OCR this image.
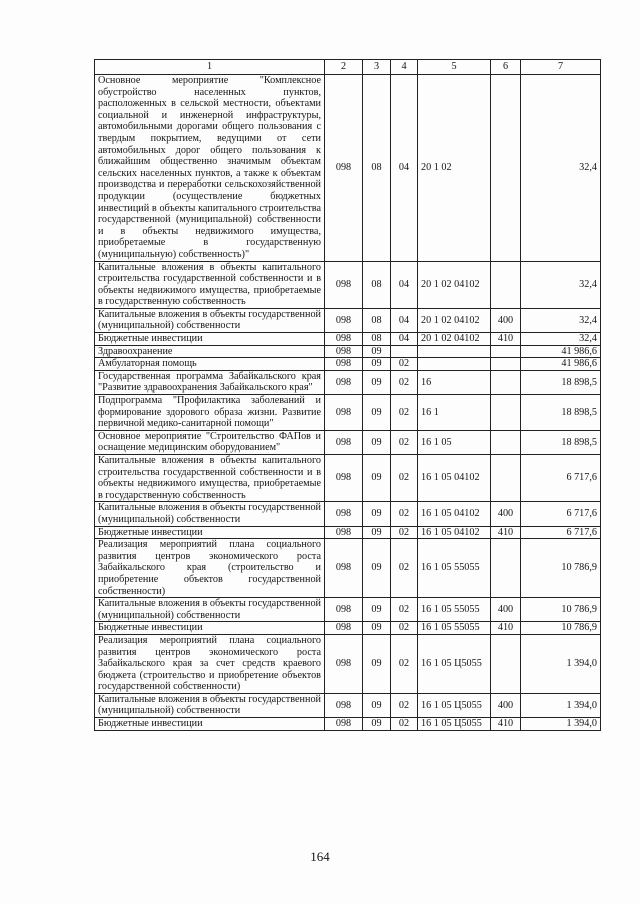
1	2	3	4	5	6	7
Основное мероприятие "Комплексное обустройство населенных пунктов, расположенных в сельской местности, объектами социальной и инженерной инфраструктуры, автомобильными дорогами общего пользования с твердым покрытием, ведущими от сети автомобильных дорог общего пользования к ближайшим общественно значимым объектам сельских населенных пунктов, а также к объектам производства и переработки сельскохозяйственной продукции (осуществление бюджетных инвестиций в объекты капитального строительства государственной (муниципальной) собственности и в объекты недвижимого имущества, приобретаемые в государственную (муниципальную) собственность)"	098	08	04	20 1 02		32,4
Капитальные вложения в объекты капитального строительства государственной собственности и в объекты недвижимого имущества, приобретаемые в государственную собственность	098	08	04	20 1 02 04102		32,4
Капитальные вложения в объекты государственной (муниципальной) собственности	098	08	04	20 1 02 04102	400	32,4
Бюджетные инвестиции	098	08	04	20 1 02 04102	410	32,4
Здравоохранение	098	09				41 986,6
Амбулаторная помощь	098	09	02			41 986,6
Государственная программа Забайкальского края "Развитие здравоохранения Забайкальского края"	098	09	02	16		18 898,5
Подпрограмма "Профилактика заболеваний и формирование здорового образа жизни. Развитие первичной медико-санитарной помощи"	098	09	02	16 1		18 898,5
Основное мероприятие "Строительство ФАПов и оснащение медицинским оборудованием"	098	09	02	16 1 05		18 898,5
Капитальные вложения в объекты капитального строительства государственной собственности и в объекты недвижимого имущества, приобретаемые в государственную собственность	098	09	02	16 1 05 04102		6 717,6
Капитальные вложения в объекты государственной (муниципальной) собственности	098	09	02	16 1 05 04102	400	6 717,6
Бюджетные инвестиции	098	09	02	16 1 05 04102	410	6 717,6
Реализация мероприятий плана социального развития центров экономического роста Забайкальского края (строительство и приобретение объектов государственной собственности)	098	09	02	16 1 05 55055		10 786,9
Капитальные вложения в объекты государственной (муниципальной) собственности	098	09	02	16 1 05 55055	400	10 786,9
Бюджетные инвестиции	098	09	02	16 1 05 55055	410	10 786,9
Реализация мероприятий плана социального развития центров экономического роста Забайкальского края за счет средств краевого бюджета (строительство и приобретение объектов государственной собственности)	098	09	02	16 1 05 Ц5055		1 394,0
Капитальные вложения в объекты государственной (муниципальной) собственности	098	09	02	16 1 05 Ц5055	400	1 394,0
Бюджетные инвестиции	098	09	02	16 1 05 Ц5055	410	1 394,0
164
